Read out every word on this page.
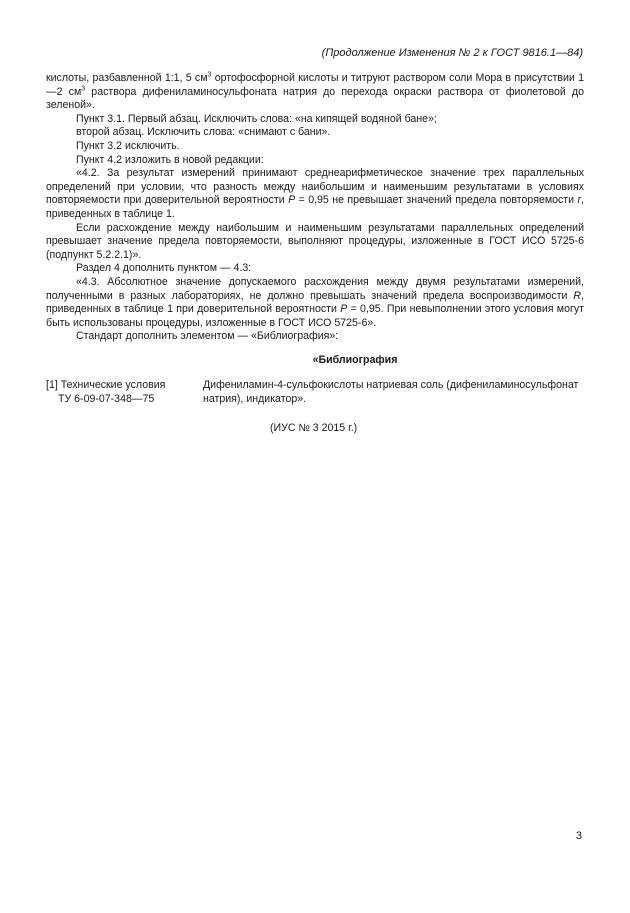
(Продолжение Изменения № 2 к ГОСТ 9816.1—84)

кислоты, разбавленной 1:1, 5 $см^3$ ортофосфорной кислоты и титруют раствором соли Мора в присутствии 1—2 $см^3$ раствора дифениламиносульфоната натрия до перехода окраски раствора от фиолетовой до зеленой».

Пункт 3.1. Первый абзац. Исключить слова: «на кипящей водяной бане»;

второй абзац. Исключить слова: «снимают с бани».

Пункт 3.2 исключить.

Пункт 4.2 изложить в новой редакции:

«4.2. За результат измерений принимают среднеарифметическое значение трех параллельных определений при условии, что разность между наибольшим и наименьшим результатами в условиях повторяемости при доверительной вероятности P = 0,95 не превышает значений предела повторяемости r, приведенных в таблице 1.

Если расхождение между наибольшим и наименьшим результатами параллельных определений превышает значение предела повторяемости, выполняют процедуры, изложенные в ГОСТ ИСО 5725-6 (подпункт 5.2.2.1)».

Раздел 4 дополнить пунктом — 4.3:

«4.3. Абсолютное значение допускаемого расхождения между двумя результатами измерений, полученными в разных лабораториях, не должно превышать значений предела воспроизводимости R, приведенных в таблице 1 при доверительной вероятности P = 0,95. При невыполнении этого условия могут быть использованы процедуры, изложенные в ГОСТ ИСО 5725-6».

Стандарт дополнить элементом — «Библиография»:

«Библиография
[1] Технические условия
ТУ 6-09-07-348—75
Дифениламин-4-сульфокислоты натриевая соль (дифениламиносульфонат натрия), индикатор».
(ИУС № 3 2015 г.)
3
